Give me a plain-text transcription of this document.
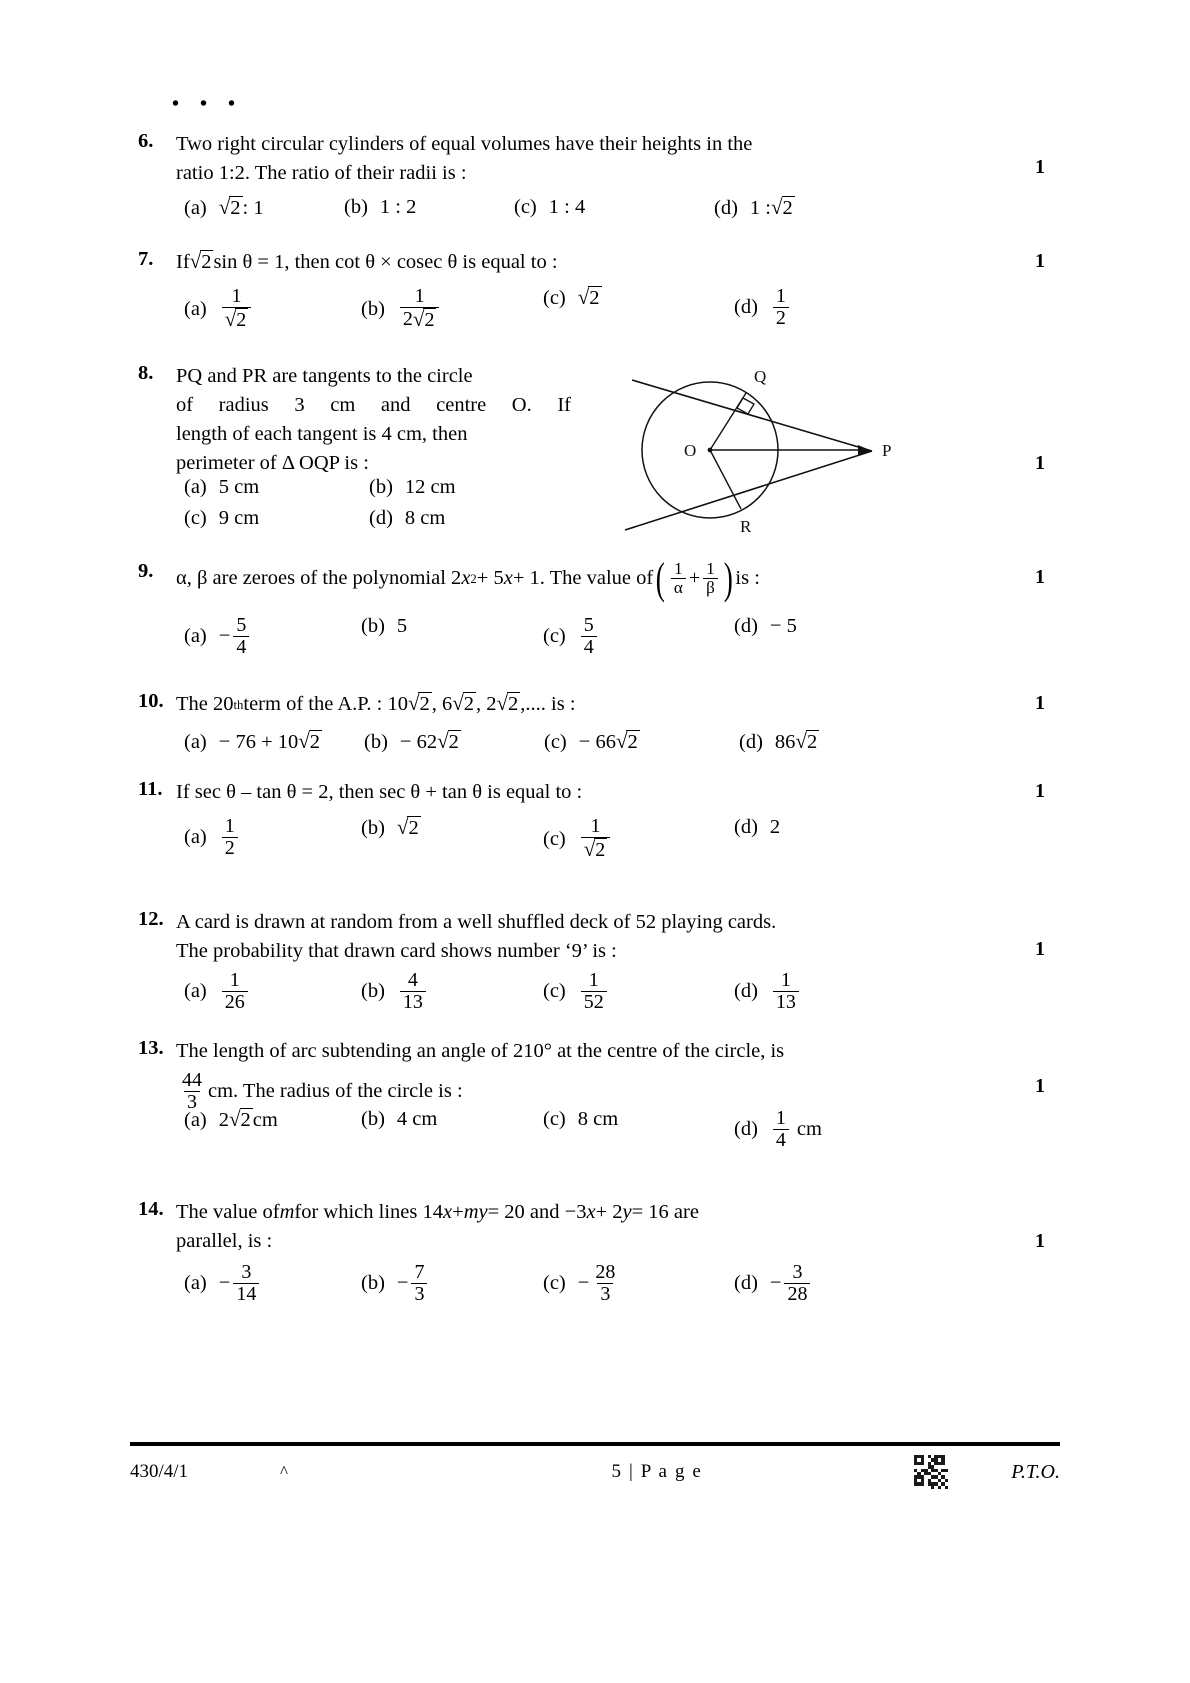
• • •
6.	Two right circular cylinders of equal volumes have their heights in the
ratio 1:2. The ratio of their radii is :	1
(a) √ 2 : 1	(b) 1 : 2	(c) 1 : 4	(d) 1 : √ 2
7.	If √ 2 sin θ = 1, then cot θ × cosec θ is equal to :	1
$(a) \frac{1}{√ 2}$	$(b) \frac{1}{2 √ 2}$	(c) √ 2	$(d) \frac{1}{2}$
8.	PQ and PR are tangents to the circle
of radius 3 cm and centre O. If
length of each tangent is 4 cm, then
perimeter of Δ OQP is :	1
(a) 5 cm	(b) 12 cm
(c) 9 cm	(d) 8 cm
O
Q
R
P
9.	α, β are zeroes of the polynomial 2 x 2 + 5 x + 1. The value of ( $\frac{1}{\alpha} + \frac{1}{\beta}$ ) is :	1
$(a) - \frac{5}{4}$	(b) 5	$(c) \frac{5}{4}$	(d) − 5
10. The 20 th term of the A.P. : 10 √ 2 , 6 √ 2 , 2 √ 2 ,.... is :	1
(a) − 76 + 10 √ 2 (b) − 62 √ 2	(c) − 66 √ 2	(d) 86 √ 2
11. If sec θ – tan θ = 2, then sec θ + tan θ is equal to :	1
$(a) \frac{1}{2}$	(b) √ 2	$(c) \frac{1}{√ 2}$	(d) 2
12. A card is drawn at random from a well shuffled deck of 52 playing cards.
The probability that drawn card shows number ‘9’ is :	1
$(a) \frac{1}{26}$	$(b) \frac{4}{13}$	$(c) \frac{1}{52}$	$(d) \frac{1}{13}$
13. The length of arc subtending an angle of 210° at the centre of the circle, is
$\frac{44}{3}$ cm. The radius of the circle is :	1
(a) 2 √ 2 cm	(b) 4 cm	(c) 8 cm	$(d) \frac{1}{4}$ cm
14. The value of m for which lines 14 x + m y = 20 and −3 x + 2 y = 16 are
parallel, is :	1
$(a) - \frac{3}{14}$	$(b) - \frac{7}{3}$	$(c) - \frac{28}{3}$	$(d) - \frac{3}{28}$
430/4/1	^	5 | P a g e	P.T.O.
